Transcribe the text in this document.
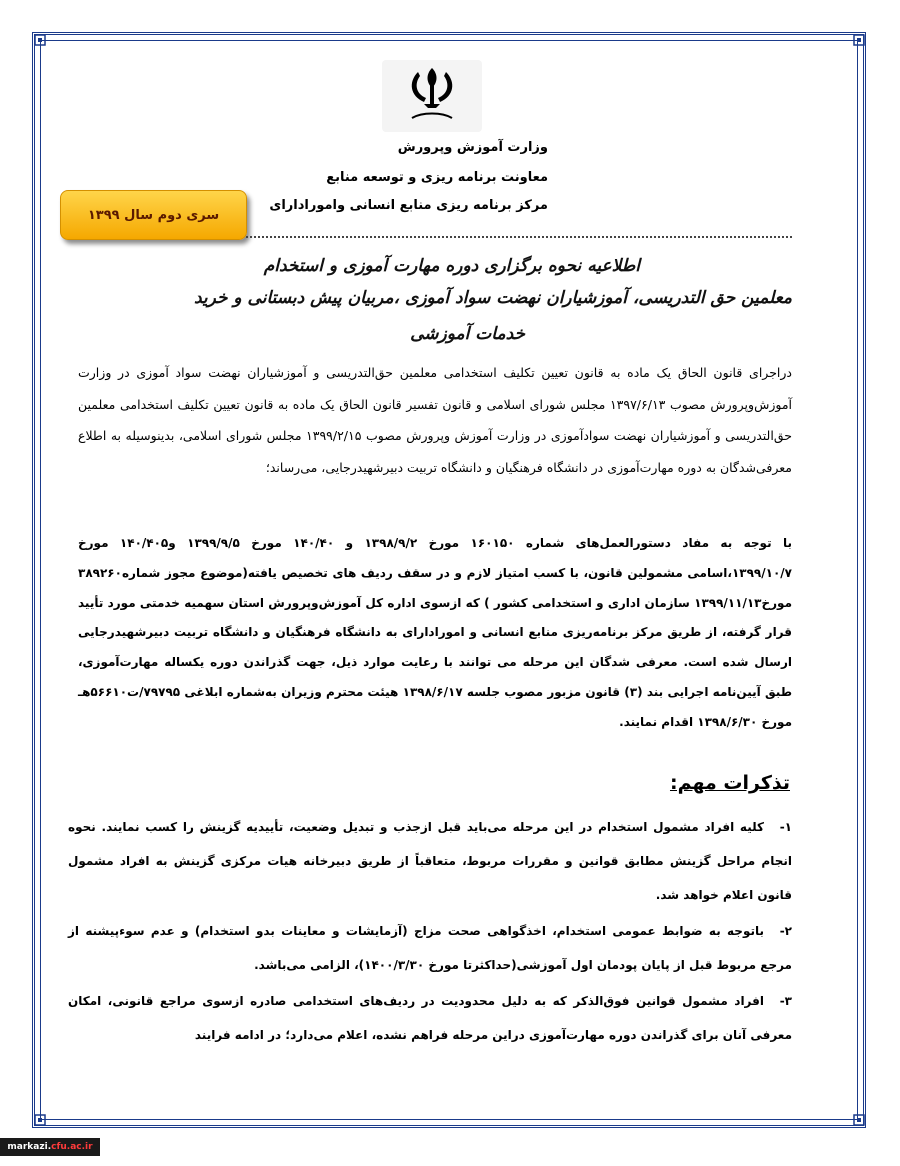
وزارت آموزش وپرورش
معاونت برنامه ریزی و توسعه منابع
مرکز برنامه ریزی منابع انسانی وامورادارای
سری دوم سال ۱۳۹۹
اطلاعیه نحوه برگزاری دوره مهارت آموزی و استخدام
معلمین حق التدریسی، آموزشیاران نهضت سواد آموزی ،مربیان پیش دبستانی و خرید
خدمات آموزشی

دراجرای قانون الحاق یک ماده به قانون تعیین تکلیف استخدامی معلمین حق‌التدریسی و آموزشیاران نهضت سواد آموزی در وزارت آموزش‌وپرورش مصوب ۱۳۹۷/۶/۱۳ مجلس شورای اسلامی و قانون تفسیر قانون الحاق یک ماده به قانون تعیین تکلیف استخدامی معلمین حق‌التدریسی و آموزشیاران نهضت سوادآموزی در وزارت آموزش وپرورش مصوب ۱۳۹۹/۲/۱۵ مجلس شورای اسلامی، بدینوسیله به اطلاع معرفی‌شدگان به دوره مهارت‌آموزی در دانشگاه فرهنگیان و دانشگاه تربیت دبیرشهیدرجایی، می‌رساند؛

با توجه به مفاد دستورالعمل‌های شماره ۱۶۰۱۵۰ مورخ ۱۳۹۸/۹/۲ و ۱۴۰/۴۰ مورخ ۱۳۹۹/۹/۵ و۱۴۰/۴۰۵ مورخ ۱۳۹۹/۱۰/۷،اسامی مشمولین قانون، با کسب امتیاز لازم و در سقف ردیف های تخصیص یافته(موضوع مجوز شماره۳۸۹۲۶۰ مورخ۱۳۹۹/۱۱/۱۳ سازمان اداری و استخدامی کشور ) که ازسوی اداره کل آموزش‌وپرورش استان سهمیه خدمتی مورد تأیید قرار گرفته، از طریق مرکز برنامه‌ریزی منابع انسانی و امورادارای به دانشگاه فرهنگیان و دانشگاه تربیت دبیرشهیدرجایی ارسال شده است. معرفی شدگان این مرحله می توانند با رعایت موارد ذیل، جهت گذراندن دوره یکساله مهارت‌آموزی، طبق آیین‌نامه اجرایی بند (۳) قانون مزبور مصوب جلسه ۱۳۹۸/۶/۱۷ هیئت محترم وزیران به‌شماره ابلاغی ۷۹۷۹۵/ت۵۶۶۱۰هـ مورخ ۱۳۹۸/۶/۳۰ اقدام نمایند.

تذکرات مهم:
۱-کلیه افراد مشمول استخدام در این مرحله می‌باید قبل ازجذب و تبدیل وضعیت، تأییدیه گزینش را کسب نمایند. نحوه انجام مراحل گزینش مطابق قوانین و مقررات مربوط، متعاقباً از طریق دبیرخانه هیات مرکزی گزینش به افراد مشمول قانون اعلام خواهد شد.
۲-باتوجه به ضوابط عمومی استخدام، اخذگواهی صحت مزاج (آزمایشات و معاینات بدو استخدام) و عدم سوءپیشنه از مرجع مربوط قبل از پایان پودمان اول آموزشی(حداکثرتا مورخ ۱۴۰۰/۳/۳۰)، الزامی می‌باشد.
۳-افراد مشمول قوانین فوق‌الذکر که به دلیل محدودیت در ردیف‌های استخدامی صادره ازسوی مراجع قانونی، امکان معرفی آنان برای گذراندن دوره مهارت‌آموزی دراین مرحله فراهم نشده، اعلام می‌دارد؛ در ادامه فرایند
markazi. cfu.ac.ir
